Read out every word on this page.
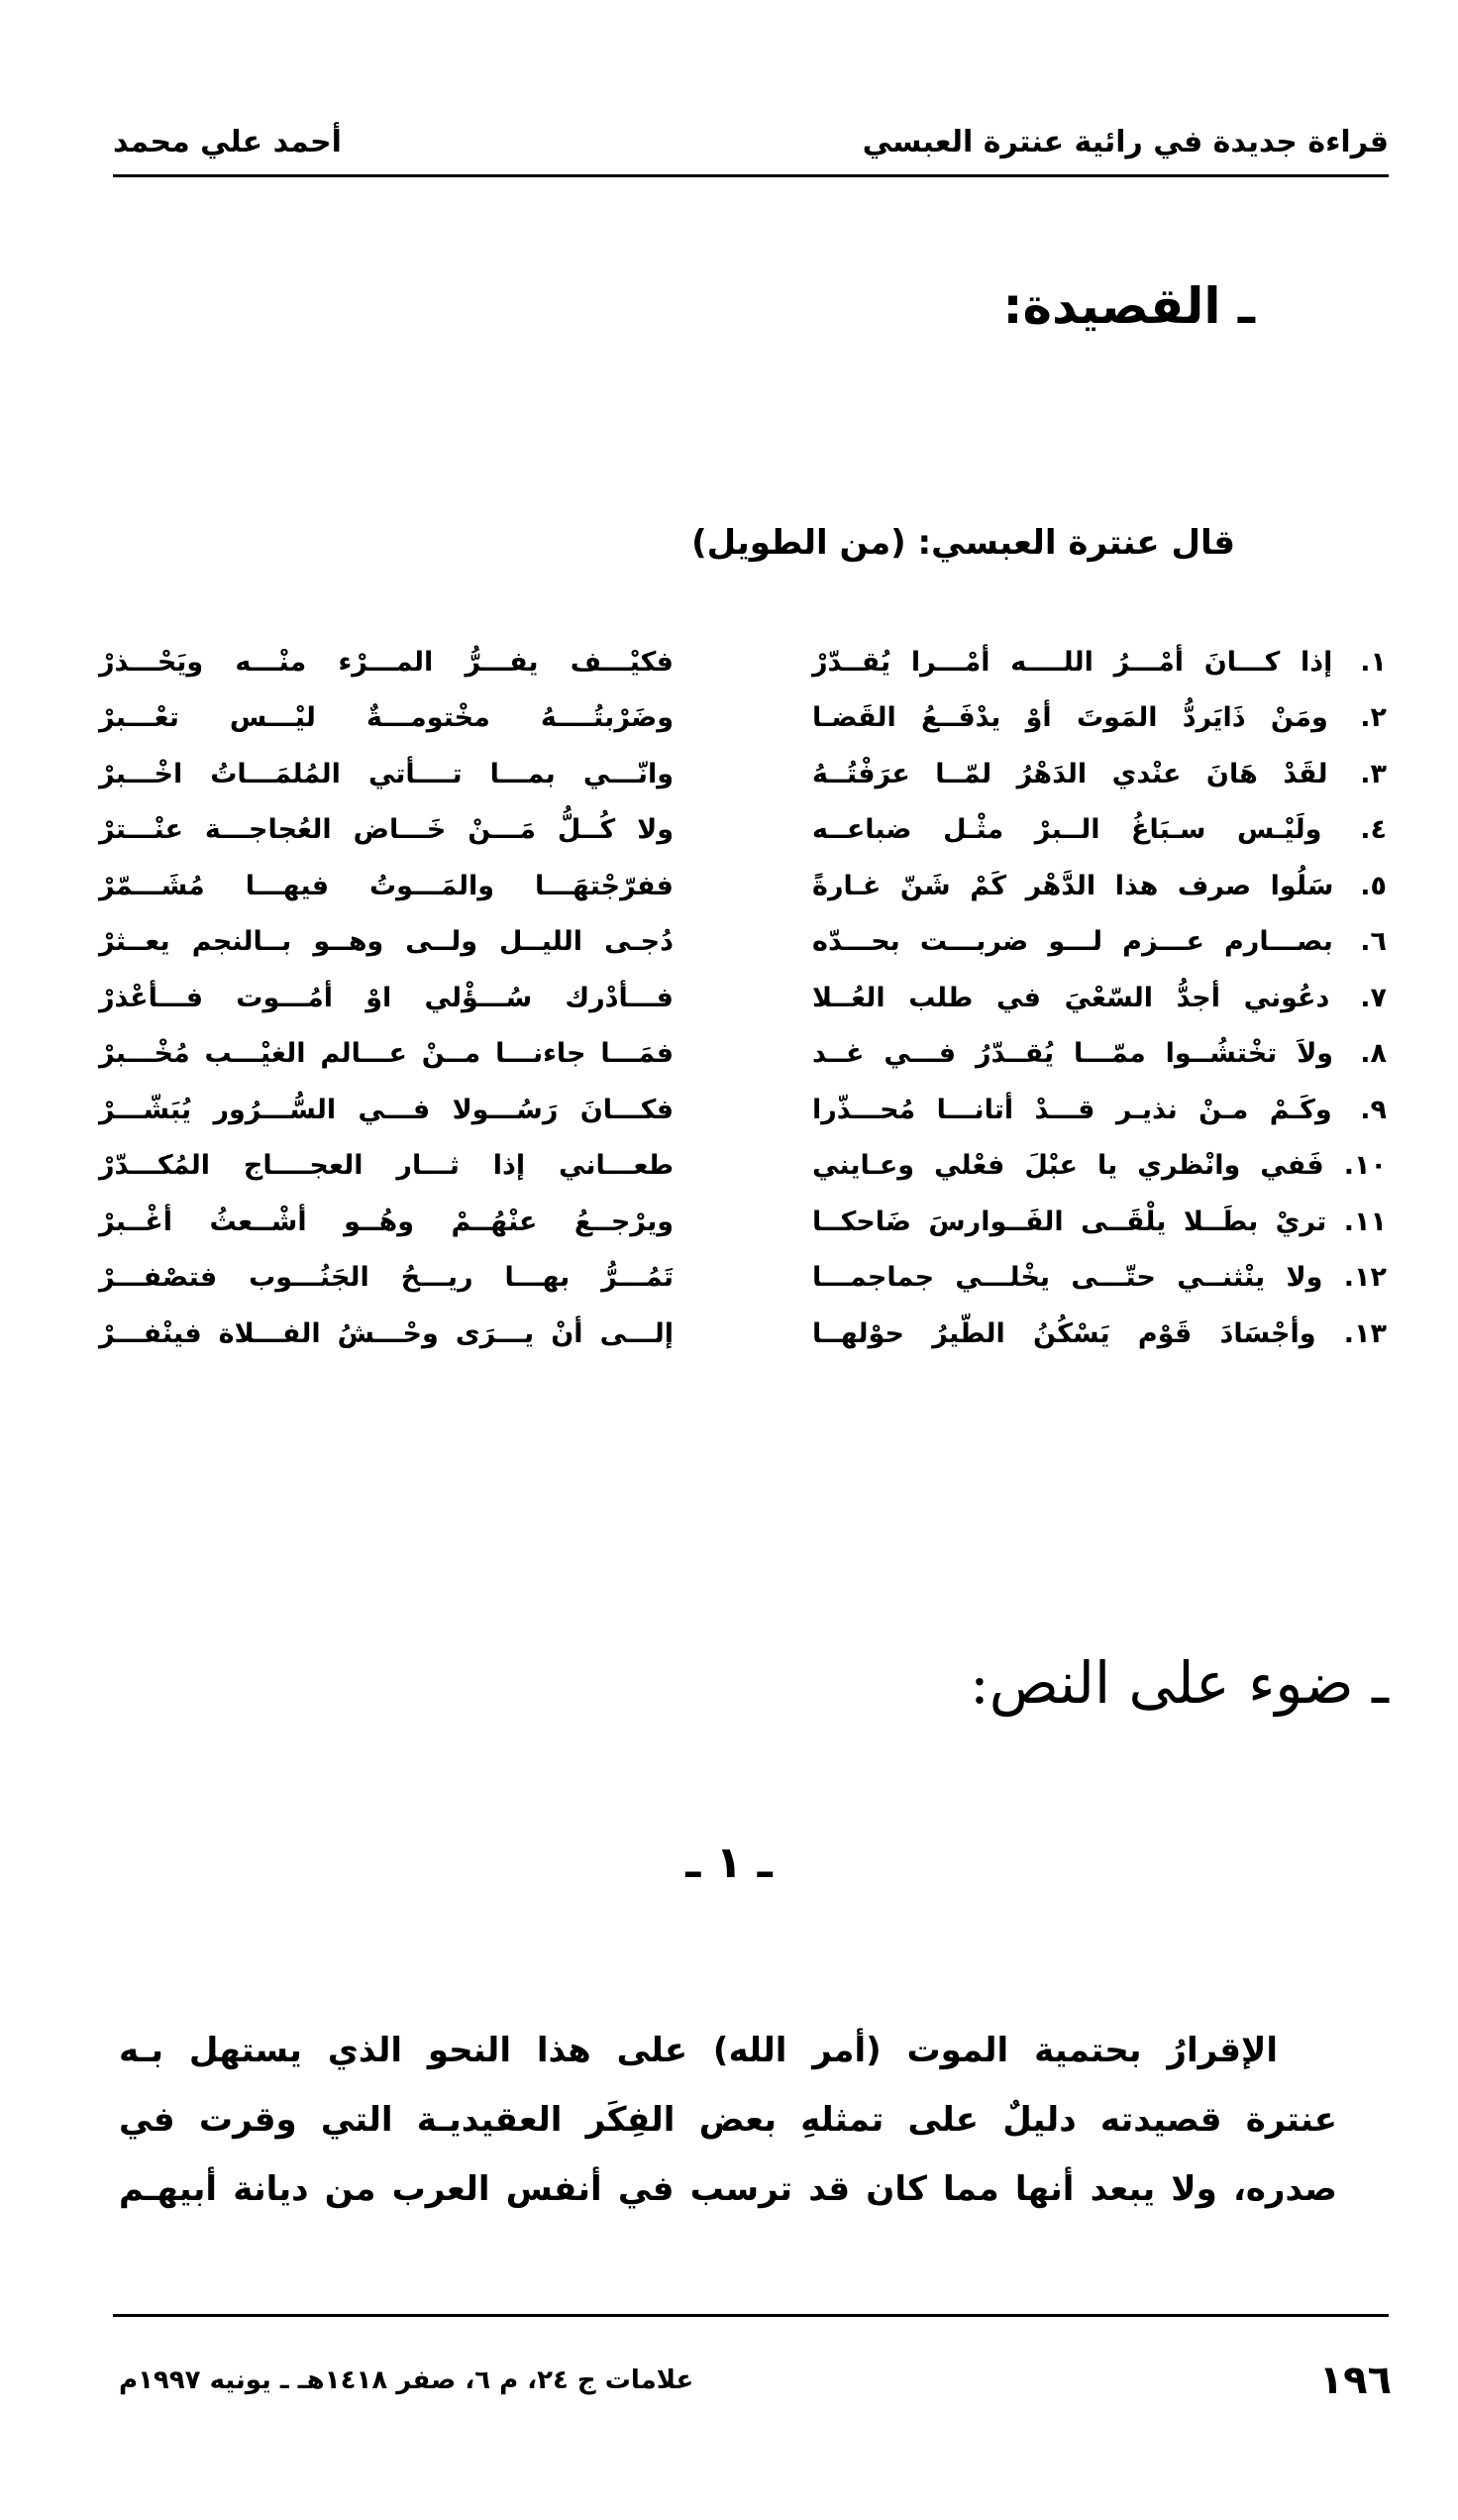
قراءة جديدة في رائية عنترة العبسي
أحمد علي محمد
ـ القصيدة:
قال عنترة العبسي: (من الطويل)
١. إذا كـــانَ أمْـــرُ اللــــه أمْـــرا يُقــدّرْ
فكيْـــف يفـــرُّ المـــرْء منْـــه ويَحْـــذرْ
٢. ومَنْ ذَايَردُّ المَوتَ أوْ يدْفَــعُ القَضـا
وضَرْبتُــــهُ مخْتومـــةٌ ليْـــس تعْـــبرْ
٣. لقَدْ هَانَ عنْدي الدَهْرُ لمّــا عرَفْتُــهُ
وانّـــي بمـــا تــــأتي المُلمَـــاتُ اخْـــبرْ
٤. ولَيْـس سـبَاغُ الــبرْ مثْـل ضباعــه
ولا كُــلُّ مَـــنْ خَـــاض العُجاجـــة عنْـــترْ
٥. سَلُوا صرف هذا الدَّهْر كَمْ شَنّ غـارةً
ففرّجْتهَـــا والمَـــوتُ فيهـــا مُشَـــمّرْ
٦. بصـــارم عـــزم لـــو ضربـــت بحـــدّه
دُجـى الليــل ولــى وهــو بــالنجم يعــثرْ
٧. دعُوني أجدُّ السّعْيَ في طلب العُــلا
فـــأدْرك سُـــؤْلي اوْ أمُـــوت فـــأعْذرْ
٨. ولاَ تخْتشُــوا ممّـــا يُقــدّرُ فـــي غــد
فمَـــا جاءنـــا مــنْ عـــالم الغيْـــب مُخْـــبرْ
٩. وكَـمْ مـنْ نذيـر قـــدْ أتانـــا مُحـــذّرا
فكـــانَ رَسُـــولا فـــي السُّـــرُور يُبَشّـــرْ
١٠. فَفي وانْظري يا عبْلَ فعْلي وعـايني
طعـــاني إذا ثـــار العجــــاج المُكـــدّرْ
١١. تريْ بطَــلا يلْقَــى الفَــوارسَ ضَاحكــا
ويرْجــعُ عنْهُــمْ وهُــو أشْــعثُ أغْــبرْ
١٢. ولا ينْثنــي حتّـــى يخْلـــي جماجمـــا
تَمُـــرُّ بهـــا ريـــحُ الجَنُـــوب فتصْفـــرْ
١٣. وأجْسَادَ قَوْم يَسْكُنُ الطّيرُ حوْلهــا
إلـــى أنْ يـــرَى وحْـــشُ الفـــلاة فينْفـــرْ
ـ ضوء على النص:
ـ ١ ـ
الإقرارُ بحتمية الموت (أمر الله) على هذا النحو الذي يستهل بـه
عنترة قصيدته دليلٌ على تمثلهِ بعض الفِكَر العقيديـة التي وقرت في
صدره، ولا يبعد أنها مما كان قد ترسب في أنفس العرب من ديانة أبيهـم
١٩٦
علامات ج ٢٤، م ٦، صفر ١٤١٨هـ ـ يونيه ١٩٩٧م
